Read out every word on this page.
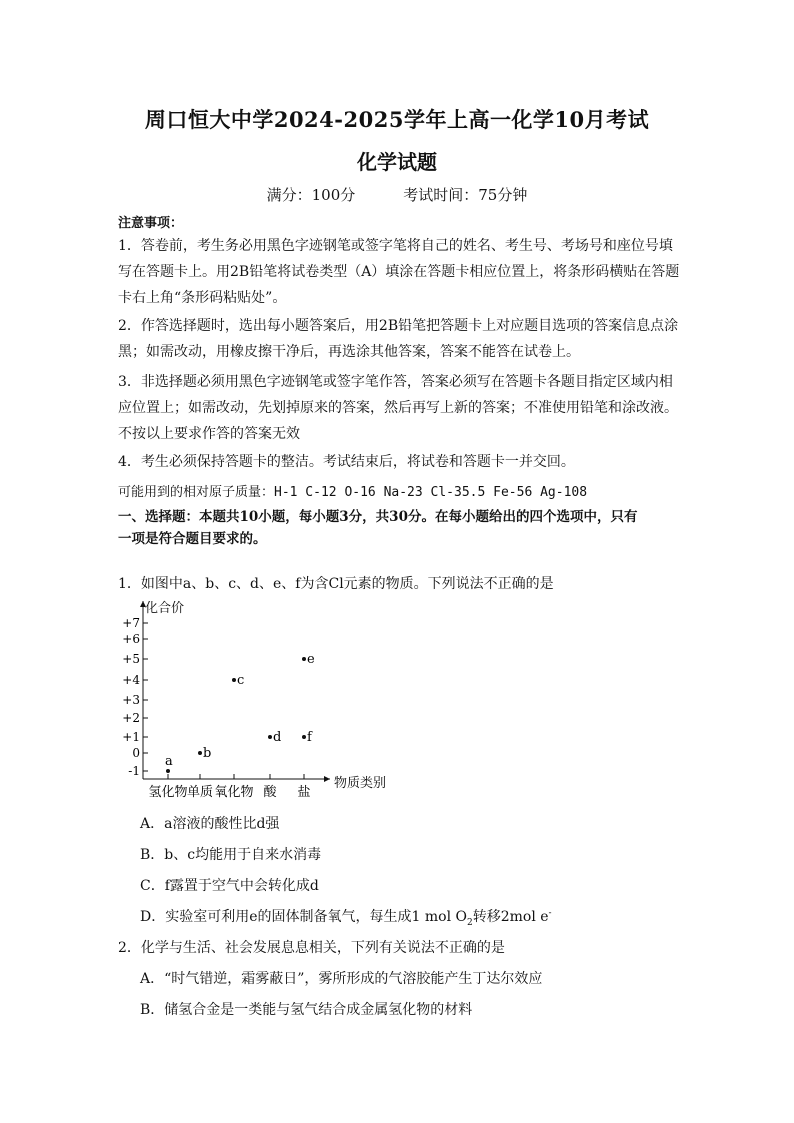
周口恒大中学2024-2025学年上高一化学10月考试
化学试题
满分：100分	考试时间：75分钟
注意事项：
1．答卷前，考生务必用黑色字迹钢笔或签字笔将自己的姓名、考生号、考场号和座位号填
写在答题卡上。用2B铅笔将试卷类型（A）填涂在答题卡相应位置上，将条形码横贴在答题
卡右上角“条形码粘贴处”。
2．作答选择题时，选出每小题答案后，用2B铅笔把答题卡上对应题目选项的答案信息点涂
黑；如需改动，用橡皮擦干净后，再选涂其他答案，答案不能答在试卷上。
3．非选择题必须用黑色字迹钢笔或签字笔作答，答案必须写在答题卡各题目指定区域内相
应位置上；如需改动，先划掉原来的答案，然后再写上新的答案；不准使用铅笔和涂改液。
不按以上要求作答的答案无效
4．考生必须保持答题卡的整洁。考试结束后，将试卷和答题卡一并交回。
可能用到的相对原子质量：H-1 C-12 O-16 Na-23 Cl-35.5 Fe-56 Ag-108
一、选择题：本题共10小题，每小题3分，共30分。在每小题给出的四个选项中，只有
一项是符合题目要求的。
1．如图中a、b、c、d、e、f为含Cl元素的物质。下列说法不正确的是
化合价
物质类别
+7
+6
+5
+4
+3
+2
+1
0
-1
氢化物 单质 氧化物 酸 盐
a
b
c
d
e
f
A．a溶液的酸性比d强
B．b、c均能用于自来水消毒
C．f露置于空气中会转化成d
D．实验室可利用e的固体制备氧气，每生成1 mol $O_2$转移2mol e-
2．化学与生活、社会发展息息相关，下列有关说法不正确的是
A．“时气错逆，霜雾蔽日”，雾所形成的气溶胶能产生丁达尔效应
B．储氢合金是一类能与氢气结合成金属氢化物的材料
